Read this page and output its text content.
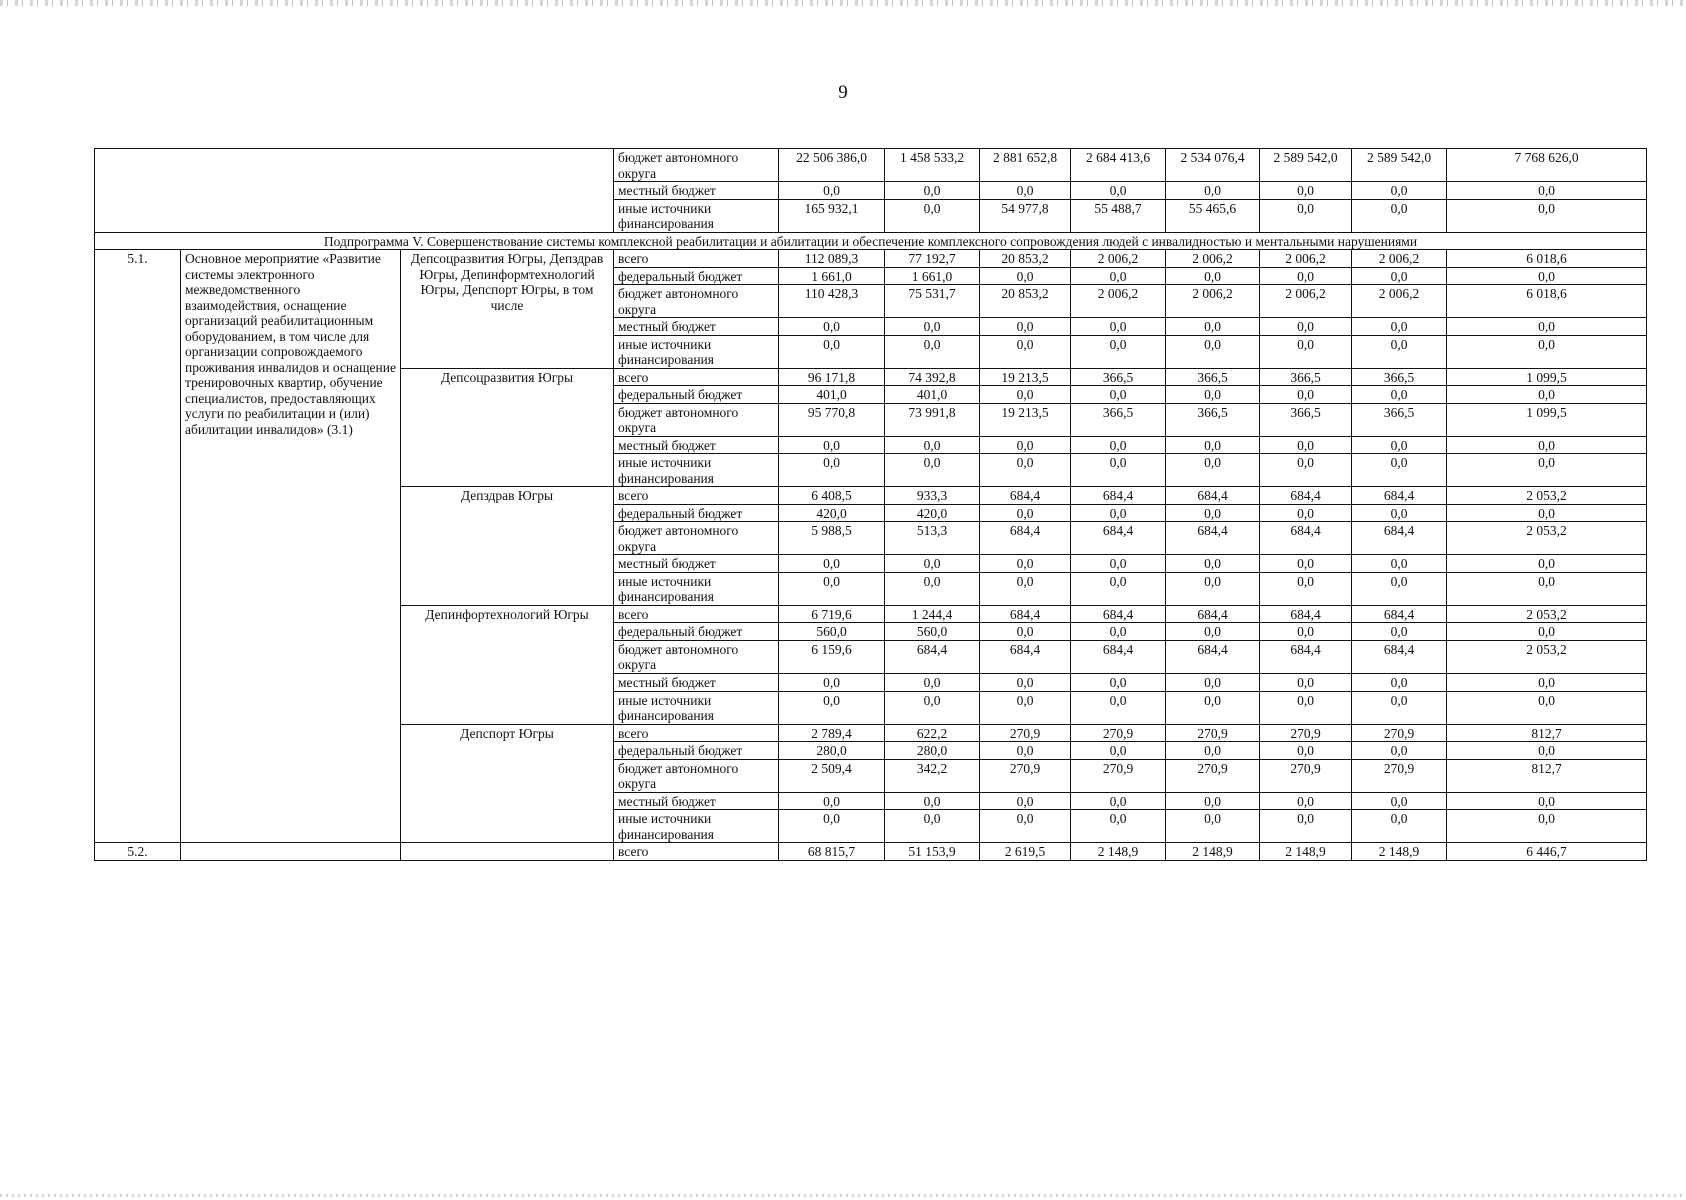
9
			бюджет автономного округа	22 506 386,0	1 458 533,2	2 881 652,8	2 684 413,6	2 534 076,4	2 589 542,0	2 589 542,0	7 768 626,0
			местный бюджет	0,0	0,0	0,0	0,0	0,0	0,0	0,0	0,0
			иные источники финансирования	165 932,1	0,0	54 977,8	55 488,7	55 465,6	0,0	0,0	0,0
Подпрограмма V. Совершенствование системы комплексной реабилитации и абилитации и обеспечение комплексного сопровождения людей с инвалидностью и ментальными нарушениями											
5.1.	Основное мероприятие «Развитие системы электронного межведомственного взаимодействия, оснащение организаций реабилитационным оборудованием, в том числе для организации сопровождаемого проживания инвалидов и оснащение тренировочных квартир, обучение специалистов, предоставляющих услуги по реабилитации и (или) абилитации инвалидов» (3.1)	Депсоцразвития Югры, Депздрав Югры, Депинформтехнологий Югры, Депспорт Югры, в том числе	всего	112 089,3	77 192,7	20 853,2	2 006,2	2 006,2	2 006,2	2 006,2	6 018,6
			федеральный бюджет	1 661,0	1 661,0	0,0	0,0	0,0	0,0	0,0	0,0
			бюджет автономного округа	110 428,3	75 531,7	20 853,2	2 006,2	2 006,2	2 006,2	2 006,2	6 018,6
			местный бюджет	0,0	0,0	0,0	0,0	0,0	0,0	0,0	0,0
			иные источники финансирования	0,0	0,0	0,0	0,0	0,0	0,0	0,0	0,0
		Депсоцразвития Югры	всего	96 171,8	74 392,8	19 213,5	366,5	366,5	366,5	366,5	1 099,5
			федеральный бюджет	401,0	401,0	0,0	0,0	0,0	0,0	0,0	0,0
			бюджет автономного округа	95 770,8	73 991,8	19 213,5	366,5	366,5	366,5	366,5	1 099,5
			местный бюджет	0,0	0,0	0,0	0,0	0,0	0,0	0,0	0,0
			иные источники финансирования	0,0	0,0	0,0	0,0	0,0	0,0	0,0	0,0
		Депздрав Югры	всего	6 408,5	933,3	684,4	684,4	684,4	684,4	684,4	2 053,2
			федеральный бюджет	420,0	420,0	0,0	0,0	0,0	0,0	0,0	0,0
			бюджет автономного округа	5 988,5	513,3	684,4	684,4	684,4	684,4	684,4	2 053,2
			местный бюджет	0,0	0,0	0,0	0,0	0,0	0,0	0,0	0,0
			иные источники финансирования	0,0	0,0	0,0	0,0	0,0	0,0	0,0	0,0
		Депинфортехнологий Югры	всего	6 719,6	1 244,4	684,4	684,4	684,4	684,4	684,4	2 053,2
			федеральный бюджет	560,0	560,0	0,0	0,0	0,0	0,0	0,0	0,0
			бюджет автономного округа	6 159,6	684,4	684,4	684,4	684,4	684,4	684,4	2 053,2
			местный бюджет	0,0	0,0	0,0	0,0	0,0	0,0	0,0	0,0
			иные источники финансирования	0,0	0,0	0,0	0,0	0,0	0,0	0,0	0,0
		Депспорт Югры	всего	2 789,4	622,2	270,9	270,9	270,9	270,9	270,9	812,7
			федеральный бюджет	280,0	280,0	0,0	0,0	0,0	0,0	0,0	0,0
			бюджет автономного округа	2 509,4	342,2	270,9	270,9	270,9	270,9	270,9	812,7
			местный бюджет	0,0	0,0	0,0	0,0	0,0	0,0	0,0	0,0
			иные источники финансирования	0,0	0,0	0,0	0,0	0,0	0,0	0,0	0,0
5.2.			всего	68 815,7	51 153,9	2 619,5	2 148,9	2 148,9	2 148,9	2 148,9	6 446,7
